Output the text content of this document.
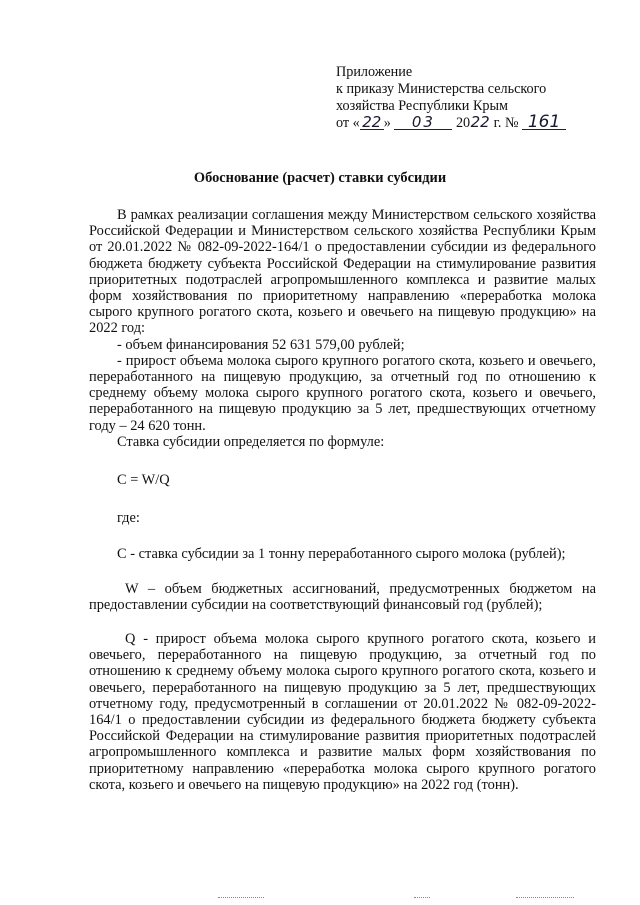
Приложение
к приказу Министерства сельского
хозяйства Республики Крым
от « 22 » 03 2022 г. № 161
Обоснование (расчет) ставки субсидии

В рамках реализации соглашения между Министерством сельского хозяйства Российской Федерации и Министерством сельского хозяйства Республики Крым от 20.01.2022 № 082-09-2022-164/1 о предоставлении субсидии из федерального бюджета бюджету субъекта Российской Федерации на стимулирование развития приоритетных подотраслей агропромышленного комплекса и развитие малых форм хозяйствования по приоритетному направлению «переработка молока сырого крупного рогатого скота, козьего и овечьего на пищевую продукцию» на 2022 год:

- объем финансирования 52 631 579,00 рублей;

- прирост объема молока сырого крупного рогатого скота, козьего и овечьего, переработанного на пищевую продукцию, за отчетный год по отношению к среднему объему молока сырого крупного рогатого скота, козьего и овечьего, переработанного на пищевую продукцию за 5 лет, предшествующих отчетному году – 24 620 тонн.

Ставка субсидии определяется по формуле:

C = W/Q

где:

C - ставка субсидии за 1 тонну переработанного сырого молока (рублей);

W – объем бюджетных ассигнований, предусмотренных бюджетом на предоставлении субсидии на соответствующий финансовый год (рублей);

Q - прирост объема молока сырого крупного рогатого скота, козьего и овечьего, переработанного на пищевую продукцию, за отчетный год по отношению к среднему объему молока сырого крупного рогатого скота, козьего и овечьего, переработанного на пищевую продукцию за 5 лет, предшествующих отчетному году, предусмотренный в соглашении от 20.01.2022 № 082-09-2022-164/1 о предоставлении субсидии из федерального бюджета бюджету субъекта Российской Федерации на стимулирование развития приоритетных подотраслей агропромышленного комплекса и развитие малых форм хозяйствования по приоритетному направлению «переработка молока сырого крупного рогатого скота, козьего и овечьего на пищевую продукцию» на 2022 год (тонн).
